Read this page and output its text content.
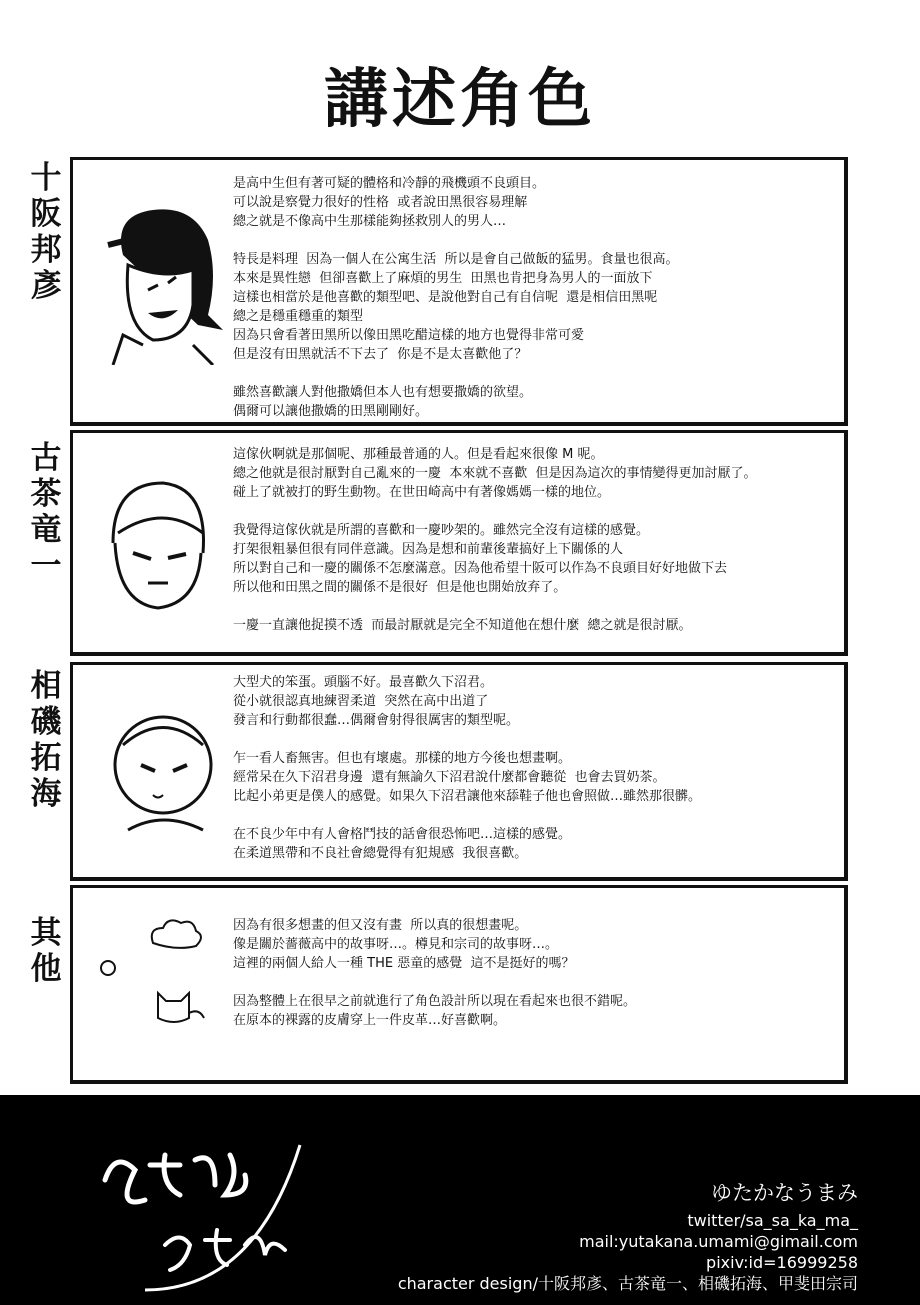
講述角色
十阪邦彥
是高中生但有著可疑的體格和冷靜的飛機頭不良頭目。
可以說是察覺力很好的性格  或者說田黑很容易理解
總之就是不像高中生那樣能夠拯救別人的男人…

特長是料理  因為一個人在公寓生活  所以是會自己做飯的猛男。食量也很高。
本來是異性戀  但卻喜歡上了麻煩的男生  田黑也肯把身為男人的一面放下
這樣也相當於是他喜歡的類型吧、是說他對自己有自信呢  還是相信田黑呢
總之是穩重穩重的類型
因為只會看著田黑所以像田黑吃醋這樣的地方也覺得非常可愛
但是沒有田黑就活不下去了  你是不是太喜歡他了？

雖然喜歡讓人對他撒嬌但本人也有想要撒嬌的欲望。
偶爾可以讓他撒嬌的田黑剛剛好。
古茶竜一
這傢伙啊就是那個呢、那種最普通的人。但是看起來很像 M 呢。
總之他就是很討厭對自己亂來的一慶  本來就不喜歡  但是因為這次的事情變得更加討厭了。
碰上了就被打的野生動物。在世田崎高中有著像媽媽一樣的地位。

我覺得這傢伙就是所謂的喜歡和一慶吵架的。雖然完全沒有這樣的感覺。
打架很粗暴但很有同伴意識。因為是想和前輩後輩搞好上下關係的人
所以對自己和一慶的關係不怎麼滿意。因為他希望十阪可以作為不良頭目好好地做下去
所以他和田黑之間的關係不是很好  但是他也開始放弃了。

一慶一直讓他捉摸不透  而最討厭就是完全不知道他在想什麼  總之就是很討厭。
相磯拓海
大型犬的笨蛋。頭腦不好。最喜歡久下沼君。
從小就很認真地練習柔道  突然在高中出道了
發言和行動都很蠢…偶爾會射得很厲害的類型呢。

乍一看人畜無害。但也有壞處。那樣的地方今後也想畫啊。
經常呆在久下沼君身邊  還有無論久下沼君說什麼都會聽從  也會去買奶茶。
比起小弟更是僕人的感覺。如果久下沼君讓他來舔鞋子他也會照做…雖然那很髒。

在不良少年中有人會格鬥技的話會很恐怖吧…這樣的感覺。
在柔道黑帶和不良社會總覺得有犯規感  我很喜歡。
其他
因為有很多想畫的但又沒有畫  所以真的很想畫呢。
像是關於薔薇高中的故事呀…。樽見和宗司的故事呀…。
這裡的兩個人給人一種 THE 惡童的感覺  這不是挺好的嗎？

因為整體上在很早之前就進行了角色設計所以現在看起來也很不錯呢。
在原本的裸露的皮膚穿上一件皮革…好喜歡啊。
ゆたかなうまみ
twitter/sa_sa_ka_ma_
mail:yutakana.umami@gimail.com
pixiv:id=16999258
character design/十阪邦彥、古茶竜一、相磯拓海、甲斐田宗司
